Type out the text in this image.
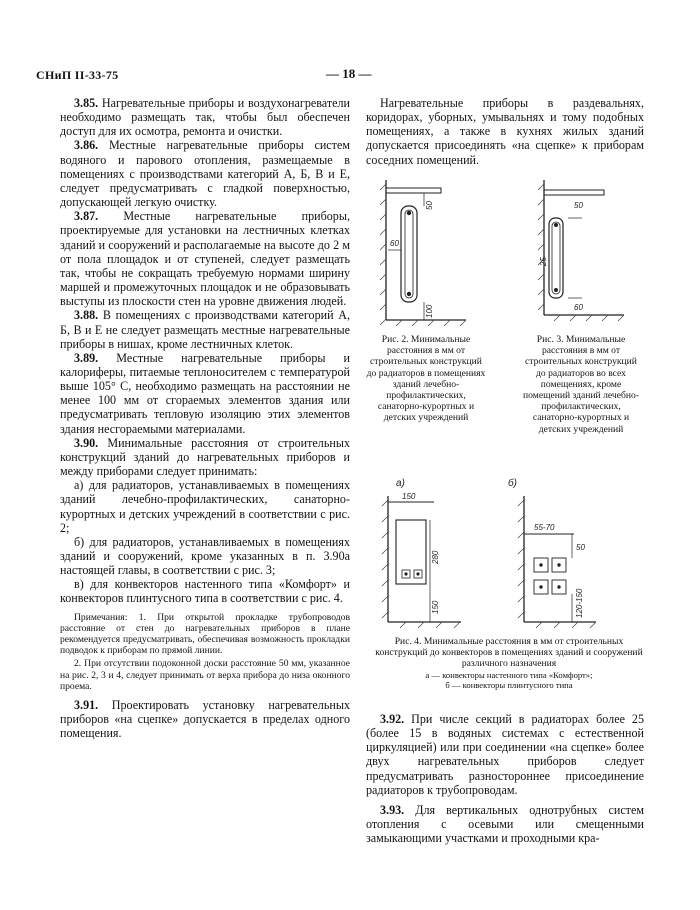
СНиП II-33-75	— 18 —

3.85. Нагревательные приборы и воздухонагреватели необходимо размещать так, чтобы был обеспечен доступ для их осмотра, ремонта и очистки.

3.86. Местные нагревательные приборы систем водяного и парового отопления, размещаемые в помещениях с производствами категорий А, Б, В и Е, следует предусматривать с гладкой поверхностью, допускающей легкую очистку.

3.87. Местные нагревательные приборы, проектируемые для установки на лестничных клетках зданий и сооружений и располагаемые на высоте до 2 м от пола площадок и от ступеней, следует размещать так, чтобы не сокращать требуемую нормами ширину маршей и промежуточных площадок и не образовывать выступы из плоскости стен на уровне движения людей.

3.88. В помещениях с производствами категорий А, Б, В и Е не следует размещать местные нагревательные приборы в нишах, кроме лестничных клеток.

3.89. Местные нагревательные приборы и калориферы, питаемые теплоносителем с температурой выше 105° С, необходимо размещать на расстоянии не менее 100 мм от сгораемых элементов здания или предусматривать тепловую изоляцию этих элементов здания несгораемыми материалами.

3.90. Минимальные расстояния от строительных конструкций зданий до нагревательных приборов и между приборами следует принимать:

а) для радиаторов, устанавливаемых в помещениях зданий лечебно-профилактических, санаторно-курортных и детских учреждений в соответствии с рис. 2;

б) для радиаторов, устанавливаемых в помещениях зданий и сооружений, кроме указанных в п. 3.90а настоящей главы, в соответствии с рис. 3;

в) для конвекторов настенного типа «Комфорт» и конвекторов плинтусного типа в соответствии с рис. 4.

Примечания: 1. При открытой прокладке трубопроводов расстояние от стен до нагревательных приборов в плане рекомендуется предусматривать, обеспечивая возможность прокладки подводок к приборам по прямой линии.

2. При отсутствии подоконной доски расстояние 50 мм, указанное на рис. 2, 3 и 4, следует принимать от верха прибора до низа оконного проема.

3.91. Проектировать установку нагревательных приборов «на сцепке» допускается в пределах одного помещения.

Нагревательные приборы в раздевальнях, коридорах, уборных, умывальнях и тому подобных помещениях, а также в кухнях жилых зданий допускается присоединять «на сцепке» к приборам соседних помещений.

50
60
100
50
25
60

Рис. 2. Минимальные расстояния в мм от строительных конструкций до радиаторов в помещениях зданий лечебно-профилактических, санаторно-курортных и детских учреждений

Рис. 3. Минимальные расстояния в мм от строительных конструкций до радиаторов во всех помещениях, кроме помещений зданий лечебно-профилактических, санаторно-курортных и детских учреждений

а)	б)
150
280
150
55-70
50
120-150

Рис. 4. Минимальные расстояния в мм от строительных конструкций до конвекторов в помещениях зданий и сооружений различного назначения

а — конвекторы настенного типа «Комфорт»;

б — конвекторы плинтусного типа

3.92. При числе секций в радиаторах более 25 (более 15 в водяных системах с естественной циркуляцией) или при соединении «на сцепке» более двух нагревательных приборов следует предусматривать разностороннее присоединение радиаторов к трубопроводам.

3.93. Для вертикальных однотрубных систем отопления с осевыми или смещенными замыкающими участками и проходными кра-
